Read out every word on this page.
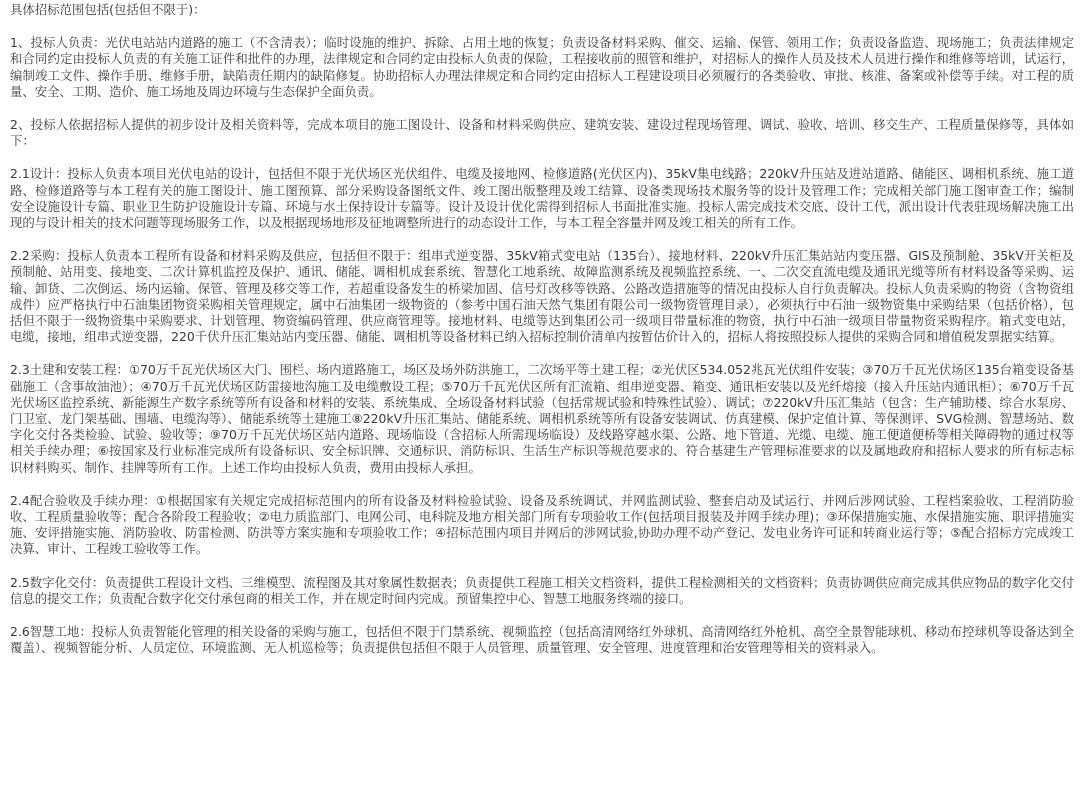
具体招标范围包括(包括但不限于)：

1、投标人负责：光伏电站站内道路的施工（不含清表）；临时设施的维护、拆除、占用土地的恢复；负责设备材料采购、催交、运输、保管、领用工作；负责设备监造、现场施工；负责法律规定和合同约定由投标人负责的有关施工证件和批件的办理，法律规定和合同约定由投标人负责的保险，工程接收前的照管和维护，对招标人的操作人员及技术人员进行操作和维修等培训，试运行，编制竣工文件、操作手册、维修手册，缺陷责任期内的缺陷修复。协助招标人办理法律规定和合同约定由招标人工程建设项目必须履行的各类验收、审批、核准、备案或补偿等手续。对工程的质量、安全、工期、造价、施工场地及周边环境与生态保护全面负责。

2、投标人依据招标人提供的初步设计及相关资料等，完成本项目的施工图设计、设备和材料采购供应、建筑安装、建设过程现场管理、调试、验收、培训、移交生产、工程质量保修等，具体如下：

2.1设计：投标人负责本项目光伏电站的设计，包括但不限于光伏场区光伏组件、电缆及接地网、检修道路(光伏区内)、35kV集电线路；220kV升压站及进站道路、储能区、调相机系统、施工道路、检修道路等与本工程有关的施工图设计、施工图预算、部分采购设备图纸文件、竣工图出版整理及竣工结算、设备类现场技术服务等的设计及管理工作；完成相关部门施工图审查工作；编制安全设施设计专篇、职业卫生防护设施设计专篇、环境与水土保持设计专篇等。设计及设计优化需得到招标人书面批准实施。投标人需完成技术交底、设计工代，派出设计代表驻现场解决施工出现的与设计相关的技术问题等现场服务工作，以及根据现场地形及征地调整所进行的动态设计工作，与本工程全容量并网及竣工相关的所有工作。

2.2采购：投标人负责本工程所有设备和材料采购及供应，包括但不限于：组串式逆变器、35kV箱式变电站（135台）、接地材料、220kV升压汇集站站内变压器、GIS及预制舱、35kV开关柜及预制舱、站用变、接地变、二次计算机监控及保护、通讯、储能、调相机成套系统、智慧化工地系统、故障监测系统及视频监控系统、一、二次交直流电缆及通讯光缆等所有材料设备等采购、运输、卸货、二次倒运、场内运输、保管、管理及移交等工作，若超重设备发生的桥梁加固、信号灯改移等铁路、公路改造措施等的情况由投标人自行负责解决。投标人负责采购的物资（含物资组成件）应严格执行中石油集团物资采购相关管理规定，属中石油集团一级物资的（参考中国石油天然气集团有限公司一级物资管理目录），必须执行中石油一级物资集中采购结果（包括价格），包括但不限于一级物资集中采购要求、计划管理、物资编码管理、供应商管理等。接地材料、电缆等达到集团公司一级项目带量标准的物资，执行中石油一级项目带量物资采购程序。箱式变电站，电缆，接地，组串式逆变器，220千伏升压汇集站站内变压器、储能、调相机等设备材料已纳入招标控制价清单内按暂估价计入的，招标人将按照投标人提供的采购合同和增值税发票据实结算。

2.3土建和安装工程：①70万千瓦光伏场区大门、围栏、场内道路施工，场区及场外防洪施工，二次场平等土建工程；②光伏区534.052兆瓦光伏组件安装；③70万千瓦光伏场区135台箱变设备基础施工（含事故油池）；④70万千瓦光伏场区防雷接地沟施工及电缆敷设工程；⑤70万千瓦光伏区所有汇流箱、组串逆变器、箱变、通讯柜安装以及光纤熔接（接入升压站内通讯柜）；⑥70万千瓦光伏场区监控系统、新能源生产数字系统等所有设备和材料的安装、系统集成、全场设备材料试验（包括常规试验和特殊性试验）、调试；⑦220kV升压汇集站（包含：生产辅助楼、综合水泵房、门卫室、龙门架基础、围墙、电缆沟等）、储能系统等土建施工⑧220kV升压汇集站、储能系统、调相机系统等所有设备安装调试、仿真建模、保护定值计算、等保测评、SVG检测、智慧场站、数字化交付各类检验、试验、验收等；⑨70万千瓦光伏场区站内道路、现场临设（含招标人所需现场临设）及线路穿越水渠、公路、地下管道、光缆、电缆、施工便道便桥等相关障碍物的通过权等相关手续办理；⑥按国家及行业标准完成所有设备标识、安全标识牌、交通标识、消防标识、生活生产标识等规范要求的、符合基建生产管理标准要求的以及属地政府和招标人要求的所有标志标识材料购买、制作、挂牌等所有工作。上述工作均由投标人负责，费用由投标人承担。

2.4配合验收及手续办理：①根据国家有关规定完成招标范围内的所有设备及材料检验试验、设备及系统调试、并网监测试验、整套启动及试运行、并网后涉网试验、工程档案验收、工程消防验收、工程质量验收等；配合各阶段工程验收；②电力质监部门、电网公司、电科院及地方相关部门所有专项验收工作(包括项目报装及并网手续办理)；③环保措施实施、水保措施实施、职评措施实施、安评措施实施、消防验收、防雷检测、防洪等方案实施和专项验收工作；④招标范围内项目并网后的涉网试验,协助办理不动产登记、发电业务许可证和转商业运行等；⑤配合招标方完成竣工决算、审计、工程竣工验收等工作。

2.5数字化交付：负责提供工程设计文档、三维模型、流程图及其对象属性数据表；负责提供工程施工相关文档资料，提供工程检测相关的文档资料；负责协调供应商完成其供应物品的数字化交付信息的提交工作；负责配合数字化交付承包商的相关工作，并在规定时间内完成。预留集控中心、智慧工地服务终端的接口。

2.6智慧工地：投标人负责智能化管理的相关设备的采购与施工，包括但不限于门禁系统、视频监控（包括高清网络红外球机、高清网络红外枪机、高空全景智能球机、移动布控球机等设备达到全覆盖）、视频智能分析、人员定位、环境监测、无人机巡检等；负责提供包括但不限于人员管理、质量管理、安全管理、进度管理和治安管理等相关的资料录入。
